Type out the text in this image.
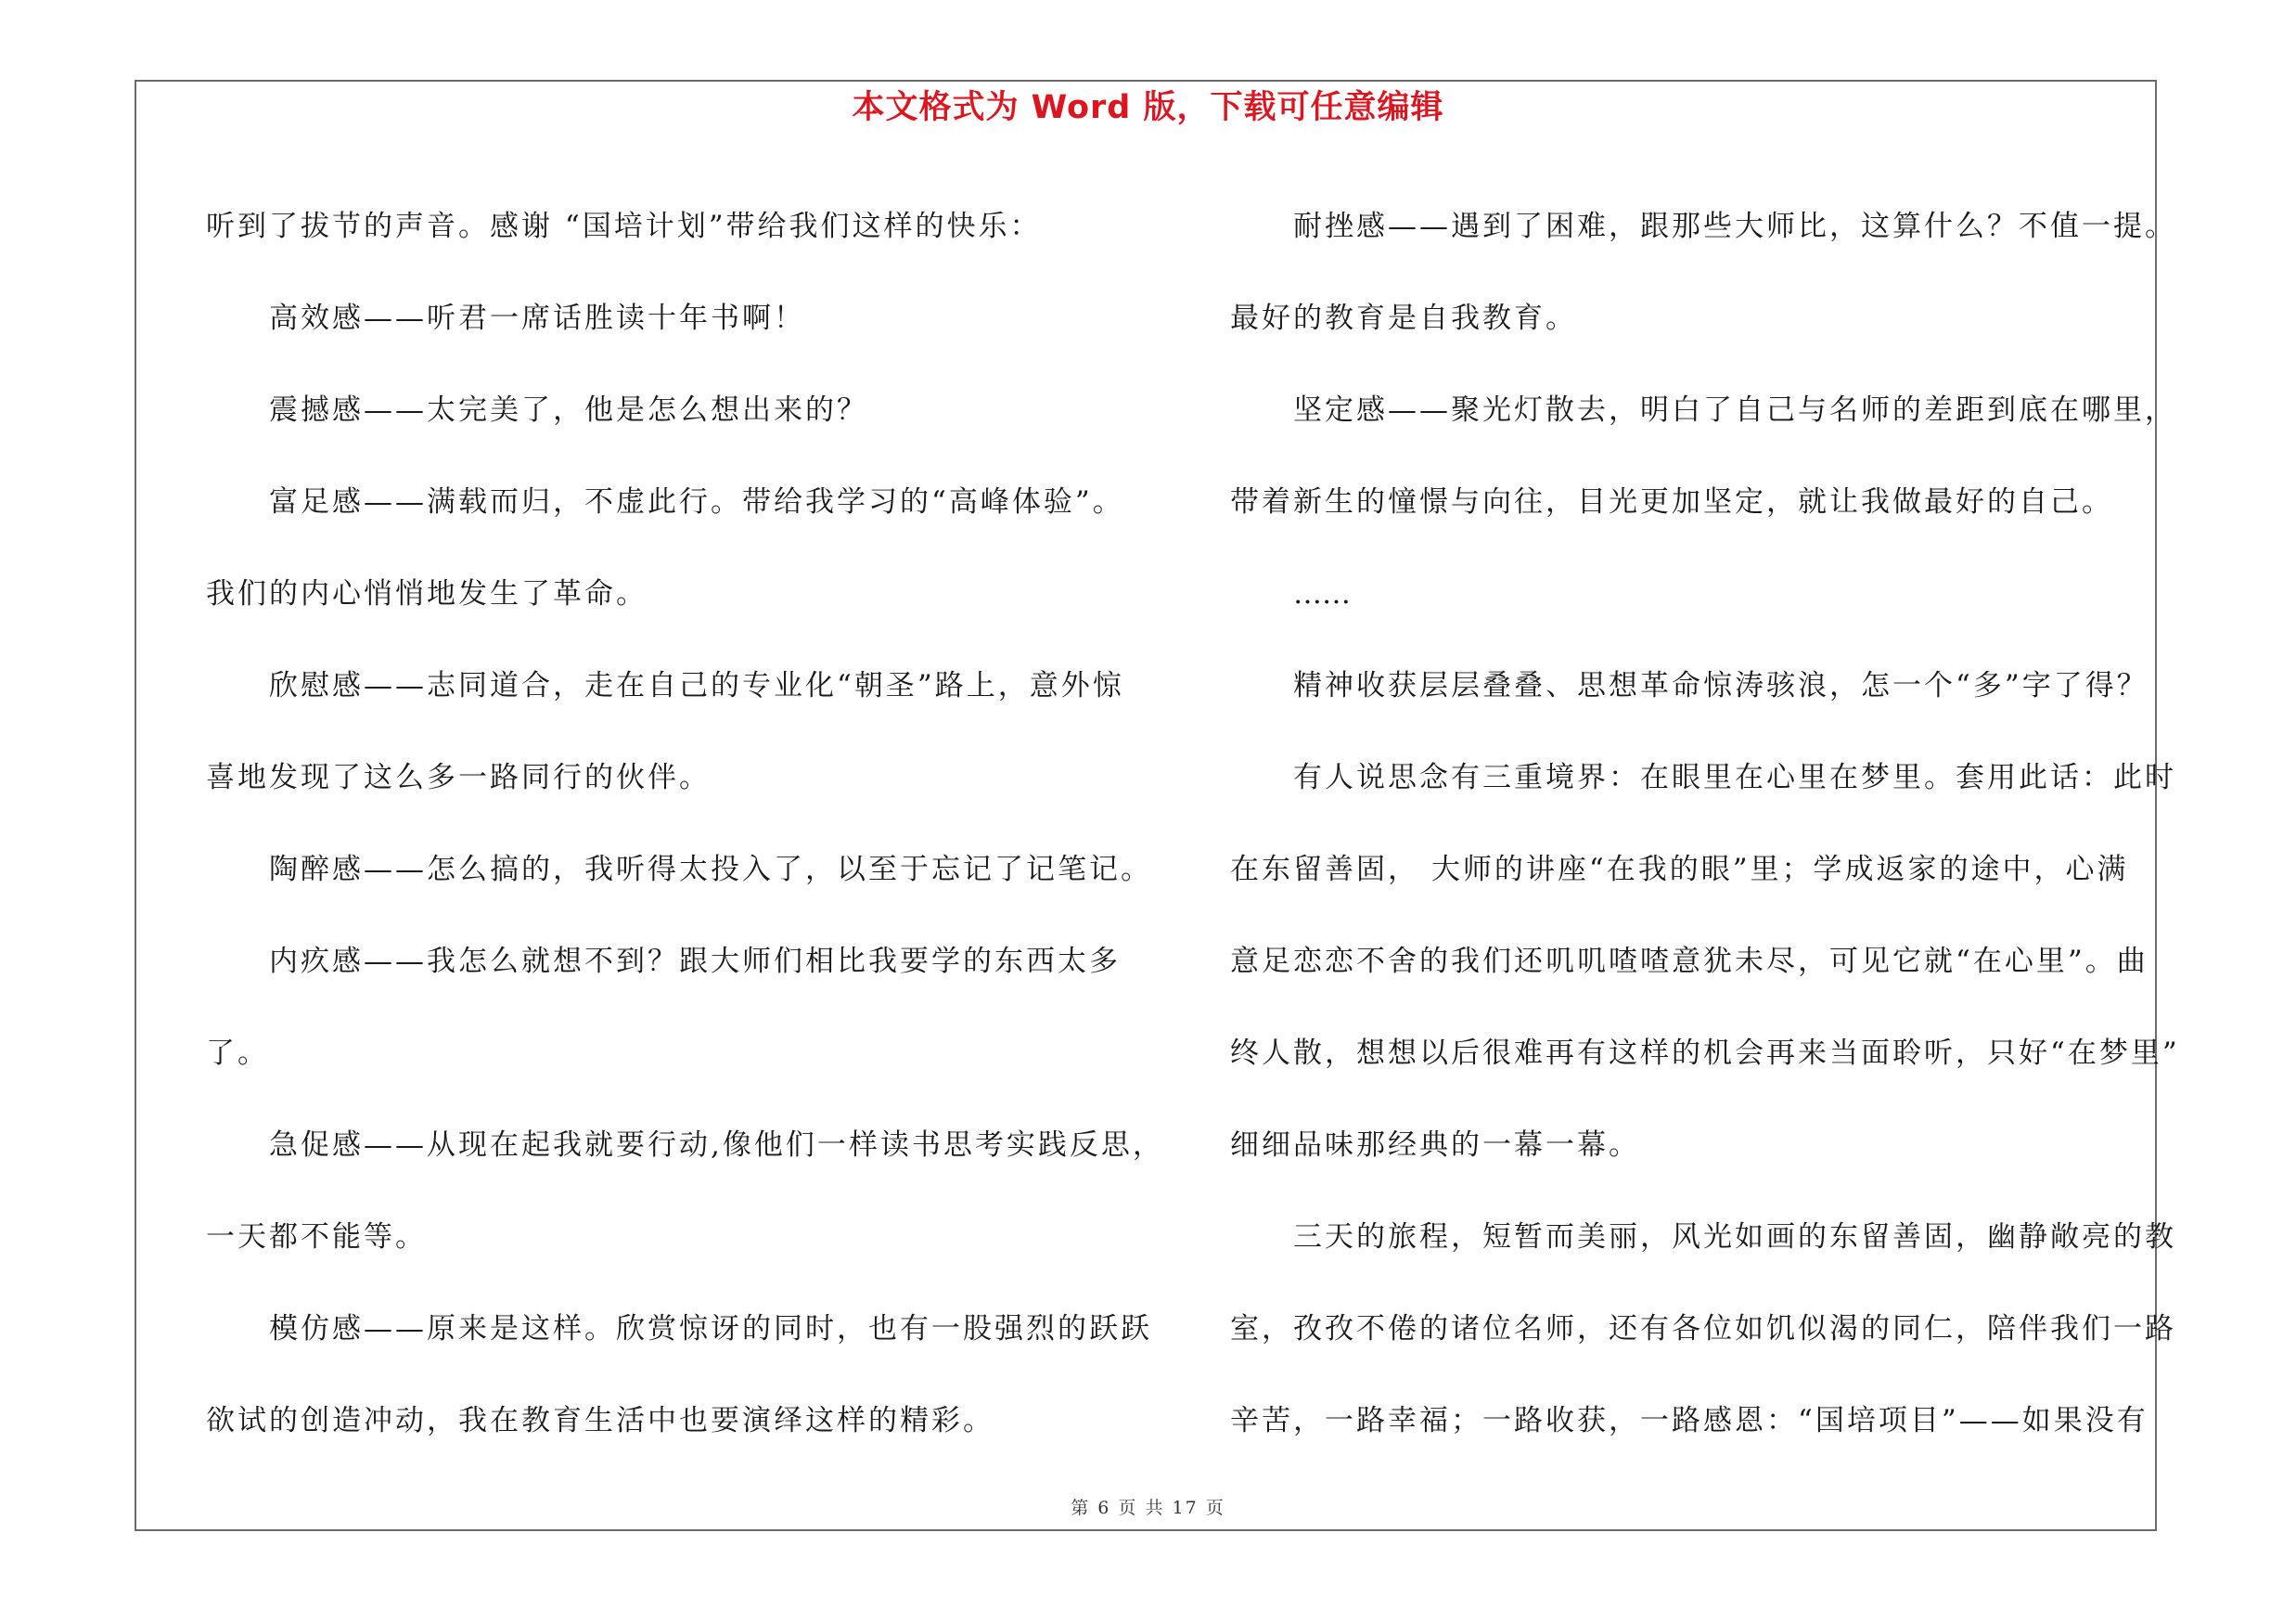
本文格式为 Word 版，下载可任意编辑

听到了拔节的声音。感谢 “国培计划”带给我们这样的快乐：

高效感——听君一席话胜读十年书啊！

震撼感——太完美了，他是怎么想出来的？

富足感——满载而归，不虚此行。带给我学习的“高峰体验”。

我们的内心悄悄地发生了革命。

欣慰感——志同道合，走在自己的专业化“朝圣”路上，意外惊

喜地发现了这么多一路同行的伙伴。

陶醉感——怎么搞的，我听得太投入了，以至于忘记了记笔记。

内疚感——我怎么就想不到？跟大师们相比我要学的东西太多

了。

急促感——从现在起我就要行动,像他们一样读书思考实践反思，

一天都不能等。

模仿感——原来是这样。欣赏惊讶的同时，也有一股强烈的跃跃

欲试的创造冲动，我在教育生活中也要演绎这样的精彩。

耐挫感——遇到了困难，跟那些大师比，这算什么？不值一提。

最好的教育是自我教育。

坚定感——聚光灯散去，明白了自己与名师的差距到底在哪里，

带着新生的憧憬与向往，目光更加坚定，就让我做最好的自己。

……

精神收获层层叠叠、思想革命惊涛骇浪，怎一个“多”字了得？

有人说思念有三重境界：在眼里在心里在梦里。套用此话：此时

在东留善固， 大师的讲座“在我的眼”里；学成返家的途中，心满

意足恋恋不舍的我们还叽叽喳喳意犹未尽，可见它就“在心里”。曲

终人散，想想以后很难再有这样的机会再来当面聆听，只好“在梦里”

细细品味那经典的一幕一幕。

三天的旅程，短暂而美丽，风光如画的东留善固，幽静敞亮的教

室，孜孜不倦的诸位名师，还有各位如饥似渴的同仁，陪伴我们一路

辛苦，一路幸福；一路收获，一路感恩：“国培项目”——如果没有

第 6 页 共 17 页
